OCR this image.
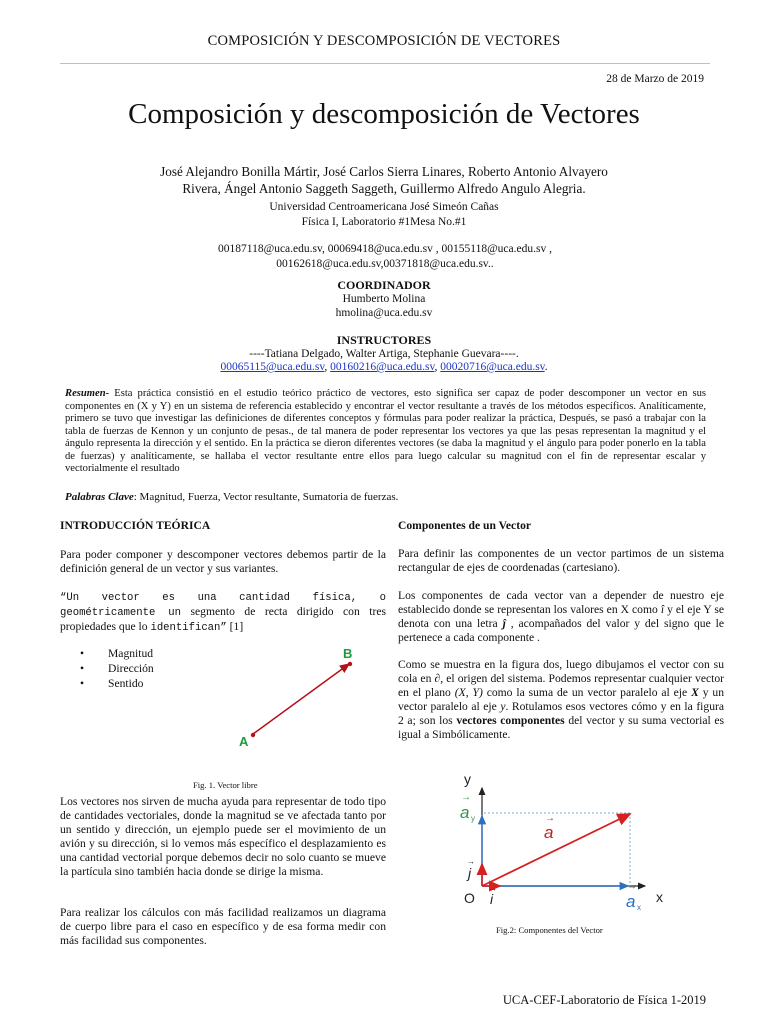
COMPOSICIÓN Y DESCOMPOSICIÓN DE VECTORES
28 de Marzo de 2019
Composición y descomposición de Vectores
José Alejandro Bonilla Mártir, José Carlos Sierra Linares, Roberto Antonio Alvayero
Rivera, Ángel Antonio Saggeth Saggeth, Guillermo Alfredo Angulo Alegria.
Universidad Centroamericana José Simeón Cañas
Física I, Laboratorio #1Mesa No.#1
00187118@uca.edu.sv, 00069418@uca.edu.sv , 00155118@uca.edu.sv ,
00162618@uca.edu.sv,00371818@uca.edu.sv..
COORDINADOR
Humberto Molina
hmolina@uca.edu.sv
INSTRUCTORES
----Tatiana Delgado, Walter Artiga, Stephanie Guevara----.
00065115@uca.edu.sv, 00160216@uca.edu.sv, 00020716@uca.edu.sv.
Resumen- Esta práctica consistió en el estudio teórico práctico de vectores, esto significa ser capaz de poder descomponer un vector en sus componentes en (X y Y) en un sistema de referencia establecido y encontrar el vector resultante a través de los métodos específicos. Analíticamente, primero se tuvo que investigar las definiciones de diferentes conceptos y fórmulas para poder realizar la práctica, Después, se pasó a trabajar con la tabla de fuerzas de Kennon y un conjunto de pesas., de tal manera de poder representar los vectores ya que las pesas representan la magnitud y el ángulo representa la dirección y el sentido. En la práctica se dieron diferentes vectores (se daba la magnitud y el ángulo para poder ponerlo en la tabla de fuerzas) y analíticamente, se hallaba el vector resultante entre ellos para luego calcular su magnitud con el fin de representar escalar y vectorialmente el resultado
Palabras Clave: Magnitud, Fuerza, Vector resultante, Sumatoria de fuerzas.
INTRODUCCIÓN TEÓRICA

Para poder componer y descomponer vectores debemos partir de la definición general de un vector y sus variantes.

“Un vector es una cantidad física, o geométricamente un segmento de recta dirigido con tres propiedades que lo identifican” [1]

•	Magnitud
•	Dirección
•	Sentido
A
B
Fig. 1. Vector libre

Los vectores nos sirven de mucha ayuda para representar de todo tipo de cantidades vectoriales, donde la magnitud se ve afectada tanto por un sentido y dirección, un ejemplo puede ser el movimiento de un avión y su dirección, si lo vemos más específico el desplazamiento es una cantidad vectorial porque debemos decir no solo cuanto se mueve la partícula sino también hacia donde se dirige la misma.

Para realizar los cálculos con más facilidad realizamos un diagrama de cuerpo libre para el caso en específico y de esa forma medir con más facilidad sus componentes.

Componentes de un Vector

Para definir las componentes de un vector partimos de un sistema rectangular de ejes de coordenadas (cartesiano).

Los componentes de cada vector van a depender de nuestro eje establecido donde se representan los valores en X como î y el eje Y se denota con una letra ĵ , acompañados del valor y del signo que le pertenece a cada componente .

Como se muestra en la figura dos, luego dibujamos el vector con su cola en ∂, el origen del sistema. Podemos representar cualquier vector en el plano (X, Y) como la suma de un vector paralelo al eje X y un vector paralelo al eje y. Rotulamos esos vectores cómo y en la figura 2 a; son los vectores componentes del vector y su suma vectorial es igual a Simbólicamente.

y
x
O
a y
→
a
→
a x
→
j
→
i
→
Fig.2: Componentes del Vector
UCA-CEF-Laboratorio de Física 1-2019
